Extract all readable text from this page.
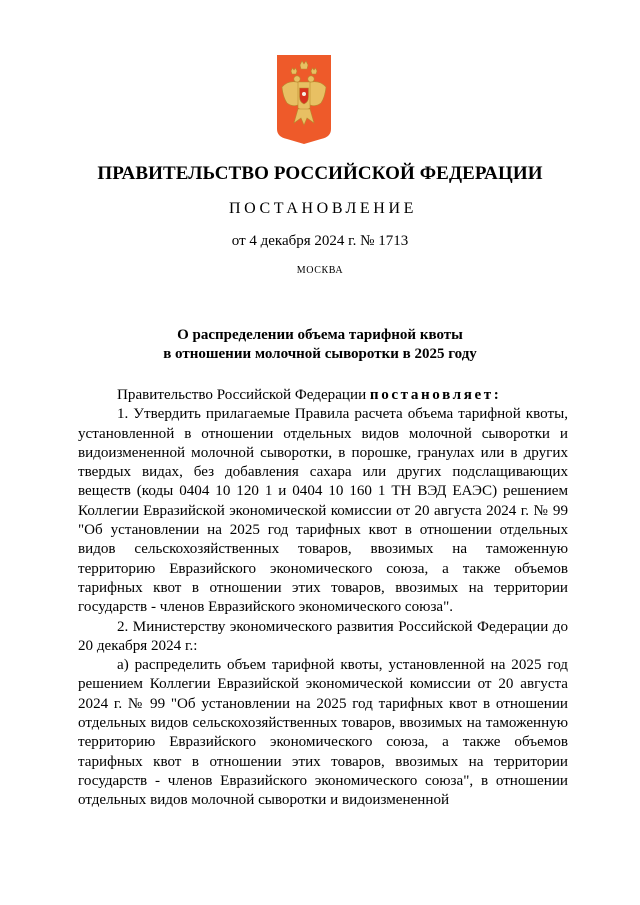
ПРАВИТЕЛЬСТВО РОССИЙСКОЙ ФЕДЕРАЦИИ
ПОСТАНОВЛЕНИЕ
от 4 декабря 2024 г. № 1713
МОСКВА
О распределении объема тарифной квоты
в отношении молочной сыворотки в 2025 году

Правительство Российской Федерации постановляет:

1. Утвердить прилагаемые Правила расчета объема тарифной квоты, установленной в отношении отдельных видов молочной сыворотки и видоизмененной молочной сыворотки, в порошке, гранулах или в других твердых видах, без добавления сахара или других подслащивающих веществ (коды 0404 10 120 1 и 0404 10 160 1 ТН ВЭД ЕАЭС) решением Коллегии Евразийской экономической комиссии от 20 августа 2024 г. № 99 "Об установлении на 2025 год тарифных квот в отношении отдельных видов сельскохозяйственных товаров, ввозимых на таможенную территорию Евразийского экономического союза, а также объемов тарифных квот в отношении этих товаров, ввозимых на территории государств - членов Евразийского экономического союза".

2. Министерству экономического развития Российской Федерации до 20 декабря 2024 г.:

а) распределить объем тарифной квоты, установленной на 2025 год решением Коллегии Евразийской экономической комиссии от 20 августа 2024 г. № 99 "Об установлении на 2025 год тарифных квот в отношении отдельных видов сельскохозяйственных товаров, ввозимых на таможенную территорию Евразийского экономического союза, а также объемов тарифных квот в отношении этих товаров, ввозимых на территории государств - членов Евразийского экономического союза", в отношении отдельных видов молочной сыворотки и видоизмененной
